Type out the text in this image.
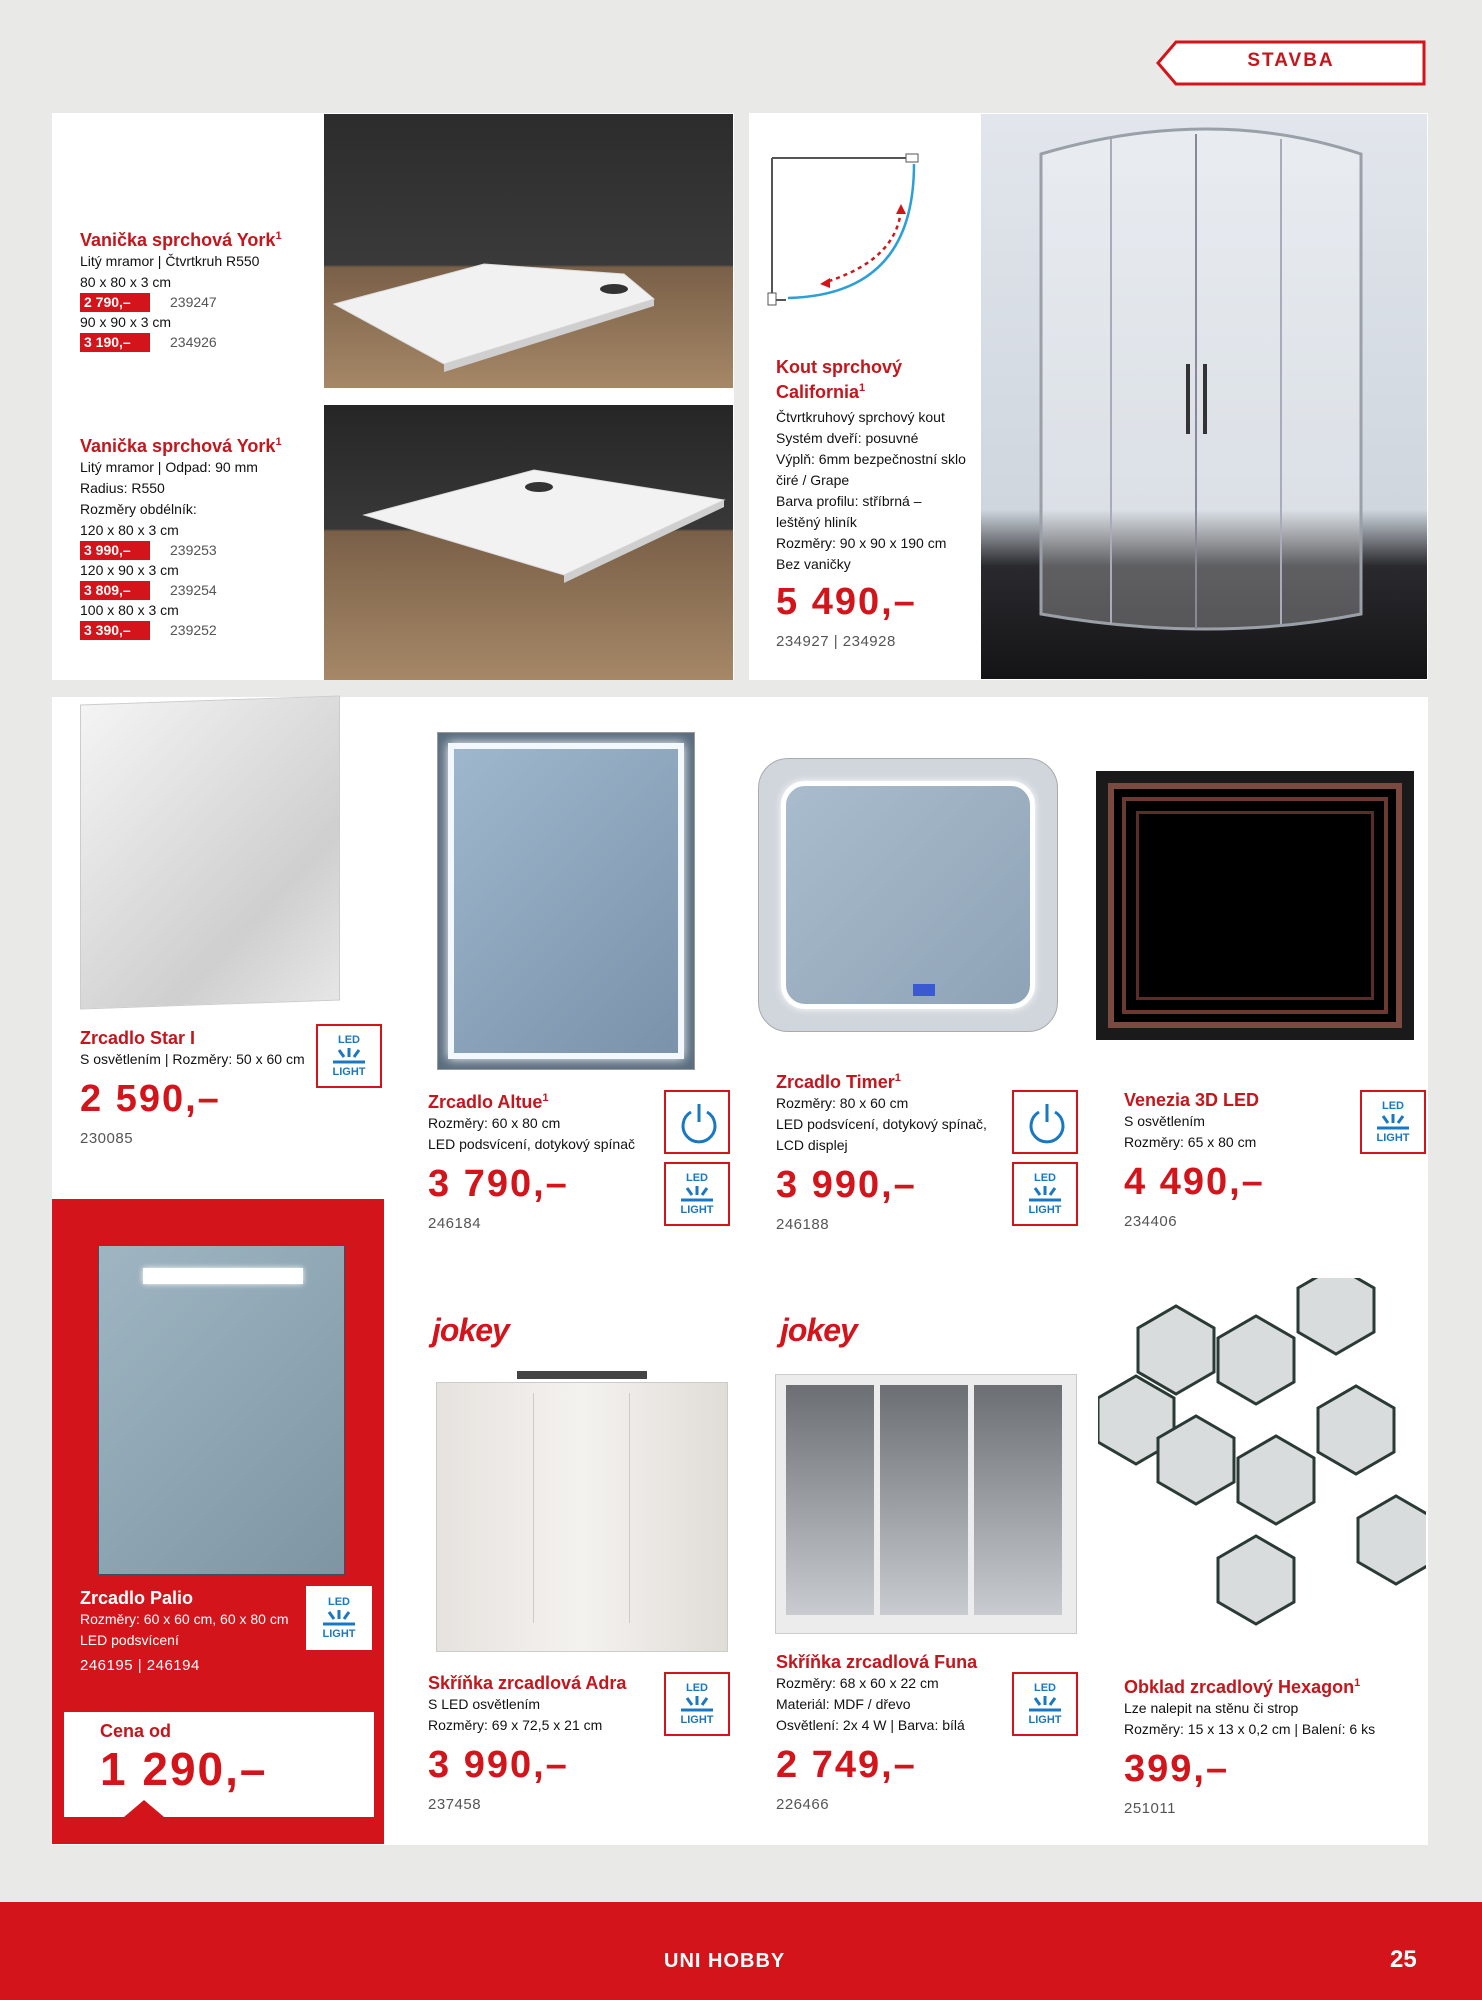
STAVBA
Vanička sprchová York$^1$
Litý mramor | Čtvrtkruh R550
80 x 80 x 3 cm
2 790,–	239247
90 x 90 x 3 cm
3 190,–	234926
Vanička sprchová York$^1$
Litý mramor | Odpad: 90 mm
Radius: R550
Rozměry obdélník:
120 x 80 x 3 cm
3 990,–	239253
120 x 90 x 3 cm
3 809,–	239254
100 x 80 x 3 cm
3 390,–	239252
Kout sprchový
California$^1$
Čtvrtkruhový sprchový kout
Systém dveří: posuvné
Výplň: 6mm bezpečnostní sklo
čiré / Grape
Barva profilu: stříbrná –
leštěný hliník
Rozměry: 90 x 90 x 190 cm
Bez vaničky
5 490,–
234927 | 234928
LED
LIGHT
Zrcadlo Star I
S osvětlením | Rozměry: 50 x 60 cm
2 590,–
230085
Zrcadlo Altue$^1$
Rozměry: 60 x 80 cm
LED podsvícení, dotykový spínač
3 790,–
246184
LED
LIGHT
Zrcadlo Timer$^1$
Rozměry: 80 x 60 cm
LED podsvícení, dotykový spínač,
LCD displej
3 990,–
246188
LED
LIGHT
Venezia 3D LED
S osvětlením
Rozměry: 65 x 80 cm
4 490,–
234406
LED
LIGHT
Zrcadlo Palio
Rozměry: 60 x 60 cm, 60 x 80 cm
LED podsvícení
246195 | 246194
LED
LIGHT
Cena od
1 290,–
jokey
Skříňka zrcadlová Adra
S LED osvětlením
Rozměry: 69 x 72,5 x 21 cm
3 990,–
237458
LED
LIGHT
jokey
Skříňka zrcadlová Funa
Rozměry: 68 x 60 x 22 cm
Materiál: MDF / dřevo
Osvětlení: 2x 4 W | Barva: bílá
2 749,–
226466
LED
LIGHT
Obklad zrcadlový Hexagon$^1$
Lze nalepit na stěnu či strop
Rozměry: 15 x 13 x 0,2 cm | Balení: 6 ks
399,–
251011
UNI HOBBY	25
